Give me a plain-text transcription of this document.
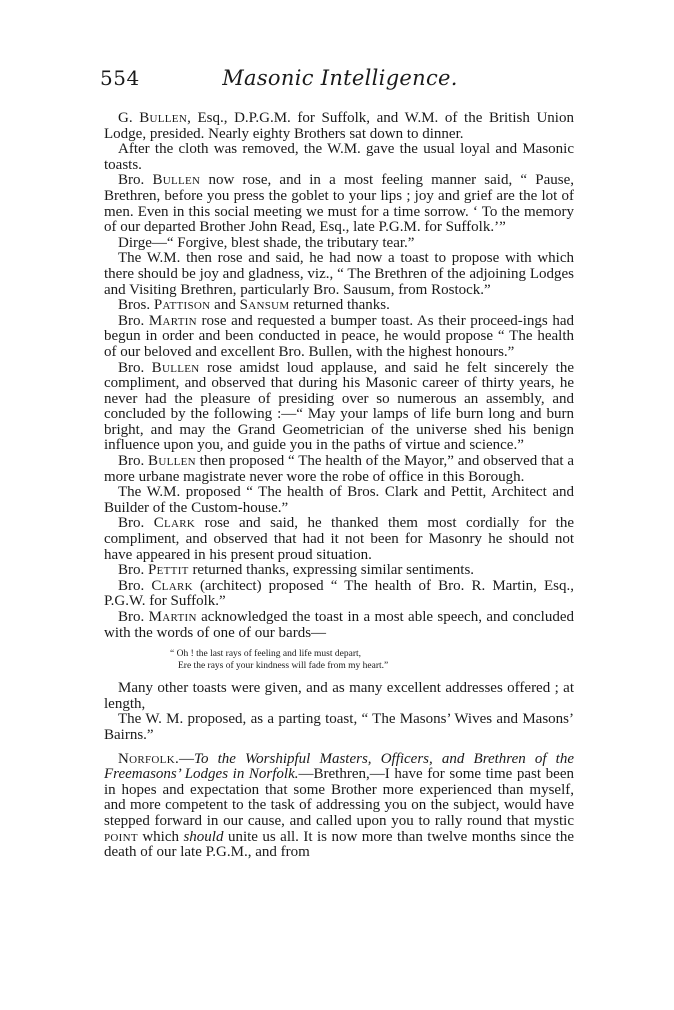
554	Masonic Intelligence.

G. Bullen, Esq., D.P.G.M. for Suffolk, and W.M. of the British Union Lodge, presided. Nearly eighty Brothers sat down to dinner.

After the cloth was removed, the W.M. gave the usual loyal and Masonic toasts.

Bro. Bullen now rose, and in a most feeling manner said, “ Pause, Brethren, before you press the goblet to your lips ; joy and grief are the lot of men. Even in this social meeting we must for a time sorrow. ‘ To the memory of our departed Brother John Read, Esq., late P.G.M. for Suffolk.’”

Dirge—“ Forgive, blest shade, the tributary tear.”

The W.M. then rose and said, he had now a toast to propose with which there should be joy and gladness, viz., “ The Brethren of the adjoining Lodges and Visiting Brethren, particularly Bro. Sausum, from Rostock.”

Bros. Pattison and Sansum returned thanks.

Bro. Martin rose and requested a bumper toast. As their proceed-ings had begun in order and been conducted in peace, he would propose “ The health of our beloved and excellent Bro. Bullen, with the highest honours.”

Bro. Bullen rose amidst loud applause, and said he felt sincerely the compliment, and observed that during his Masonic career of thirty years, he never had the pleasure of presiding over so numerous an assembly, and concluded by the following :—“ May your lamps of life burn long and burn bright, and may the Grand Geometrician of the universe shed his benign influence upon you, and guide you in the paths of virtue and science.”

Bro. Bullen then proposed “ The health of the Mayor,” and observed that a more urbane magistrate never wore the robe of office in this Borough.

The W.M. proposed “ The health of Bros. Clark and Pettit, Architect and Builder of the Custom-house.”

Bro. Clark rose and said, he thanked them most cordially for the compliment, and observed that had it not been for Masonry he should not have appeared in his present proud situation.

Bro. Pettit returned thanks, expressing similar sentiments.

Bro. Clark (architect) proposed “ The health of Bro. R. Martin, Esq., P.G.W. for Suffolk.”

Bro. Martin acknowledged the toast in a most able speech, and concluded with the words of one of our bards—

“ Oh ! the last rays of feeling and life must depart,
Ere the rays of your kindness will fade from my heart.”

Many other toasts were given, and as many excellent addresses offered ; at length,

The W. M. proposed, as a parting toast, “ The Masons’ Wives and Masons’ Bairns.”

Norfolk.—To the Worshipful Masters, Officers, and Brethren of the Freemasons’ Lodges in Norfolk.—Brethren,—I have for some time past been in hopes and expectation that some Brother more experienced than myself, and more competent to the task of addressing you on the subject, would have stepped forward in our cause, and called upon you to rally round that mystic point which should unite us all. It is now more than twelve months since the death of our late P.G.M., and from
